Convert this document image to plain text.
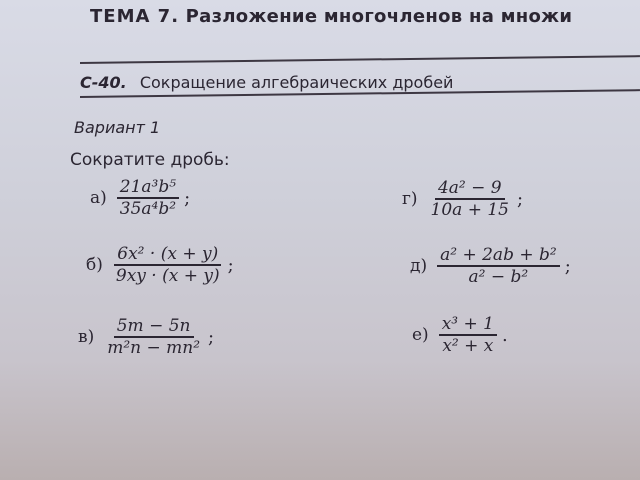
ТЕМА 7. Разложение многочленов на множи
С-40. Сокращение алгебраических дробей
Вариант 1
Сократите дробь:
$а) \frac{\text{21a³b⁵}}{\text{35a⁴b²}}$ ;
$б) \frac{\text{6x² · (x + y)}}{9xy \cdot (x + y)}$ ;
$в) \frac{5m - 5n}{\text{m²n − mn²}}$ ;
$г) \frac{\text{4a² − 9}}{10a + 15}$ ;
$д) \frac{\text{a² + 2ab + b²}}{\text{a² − b²}}$ ;
$е) \frac{\text{x³ + 1}}{\text{x² + x}}$ .
